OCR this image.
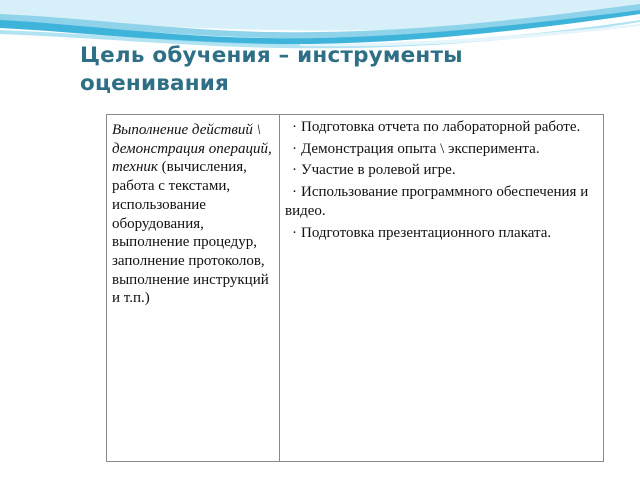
Цель обучения – инструменты оценивания
Выполнение действий \ демонстрация операций, техник (вычисления, работа с текстами, использование оборудования, выполнение процедур, заполнение протоколов, выполнение инструкций и т.п.)
· Подготовка отчета по лабораторной работе.
· Демонстрация опыта \ эксперимента.
· Участие в ролевой игре.
· Использование программного обеспечения и видео.
· Подготовка презентационного плаката.
